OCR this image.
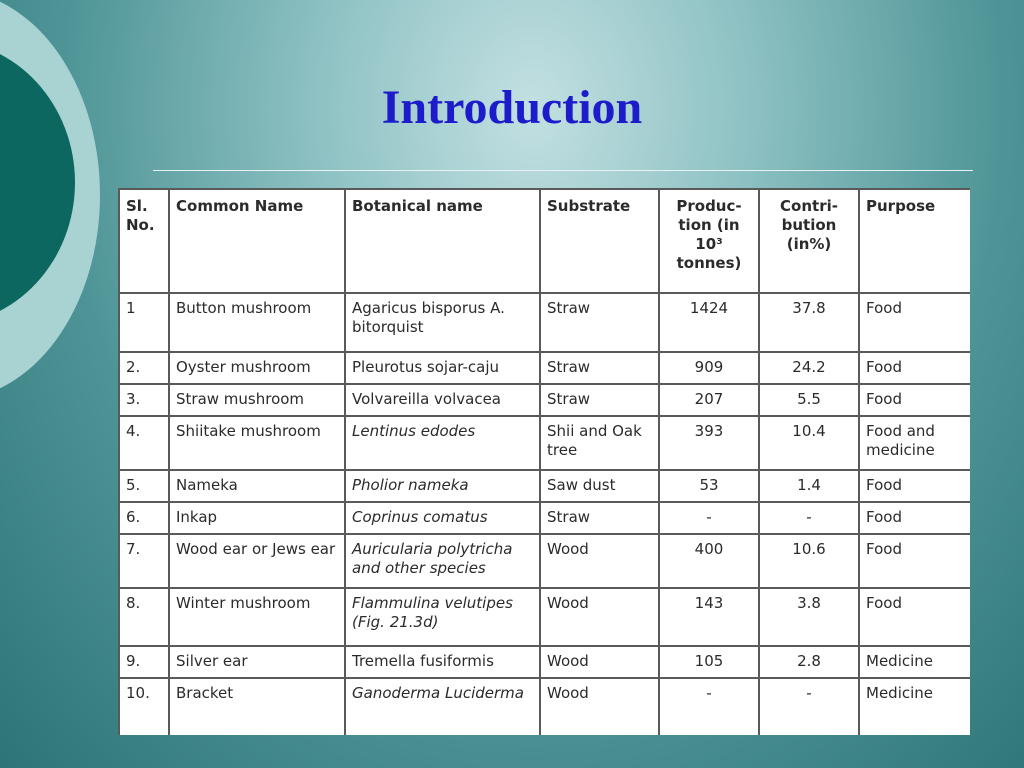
Introduction
Sl. No.	Common Name	Botanical name	Substrate	Produc-tion (in 10³ tonnes)	Contri-bution (in%)	Purpose
1	Button mushroom	Agaricus bisporus A. bitorquist	Straw	1424	37.8	Food
2.	Oyster mushroom	Pleurotus sojar-caju	Straw	909	24.2	Food
3.	Straw mushroom	Volvareilla volvacea	Straw	207	5.5	Food
4.	Shiitake mushroom	Lentinus edodes	Shii and Oak tree	393	10.4	Food and medicine
5.	Nameka	Pholior nameka	Saw dust	53	1.4	Food
6.	Inkap	Coprinus comatus	Straw	-	-	Food
7.	Wood ear or Jews ear	Auricularia polytricha and other species	Wood	400	10.6	Food
8.	Winter mushroom	Flammulina velutipes (Fig. 21.3d)	Wood	143	3.8	Food
9.	Silver ear	Tremella fusiformis	Wood	105	2.8	Medicine
10.	Bracket	Ganoderma Luciderma	Wood	-	-	Medicine
